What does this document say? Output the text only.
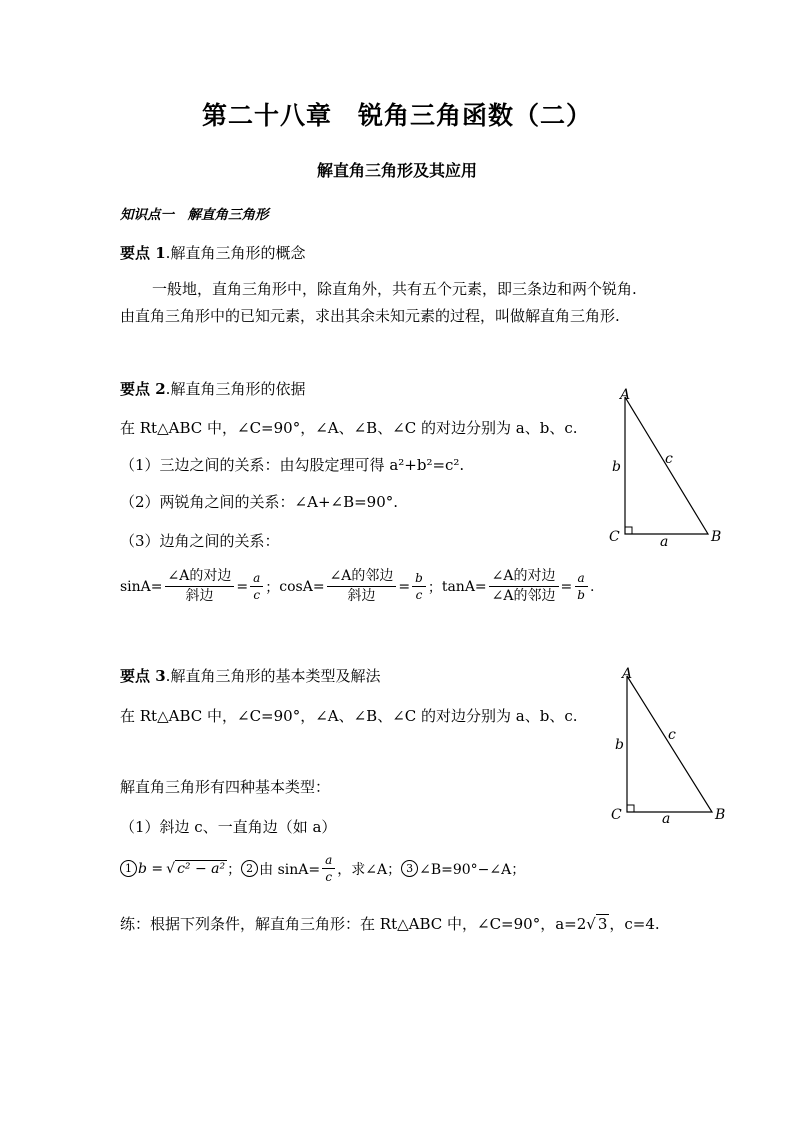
第二十八章　锐角三角函数（二）
解直角三角形及其应用
知识点一　解直角三角形
要点 1.解直角三角形的概念
一般地，直角三角形中，除直角外，共有五个元素，即三条边和两个锐角.
由直角三角形中的已知元素，求出其余未知元素的过程，叫做解直角三角形.
要点 2.解直角三角形的依据
在 Rt△ABC 中，∠C=90°，∠A、∠B、∠C 的对边分别为 a、b、c.
（1）三边之间的关系：由勾股定理可得 a²+b²=c².
（2）两锐角之间的关系：∠A+∠B=90°.
（3）边角之间的关系：
$\sin A= \frac{\text{∠A的对边}}{\text{斜边}} = \frac{a}{c}$ ； $\cos A= \frac{\text{∠A的邻边}}{\text{斜边}} = \frac{b}{c}$ ； $\tan A= \frac{\text{∠A的对边}}{\text{∠A的邻边}} = \frac{a}{b}$ .
A
C	B
b	c
a
要点 3.解直角三角形的基本类型及解法
在 Rt△ABC 中，∠C=90°，∠A、∠B、∠C 的对边分别为 a、b、c.
解直角三角形有四种基本类型：
（1）斜边 c、一直角边（如 a）
1 b = √ c² − a² ； 2 由 $\sin A= \frac{a}{c}$ ，求∠A； 3 ∠B=90°−∠A；
练：根据下列条件，解直角三角形：在 Rt△ABC 中，∠C=90°，a=2√ 3 ，c=4.
A
C	B
b
c
a
